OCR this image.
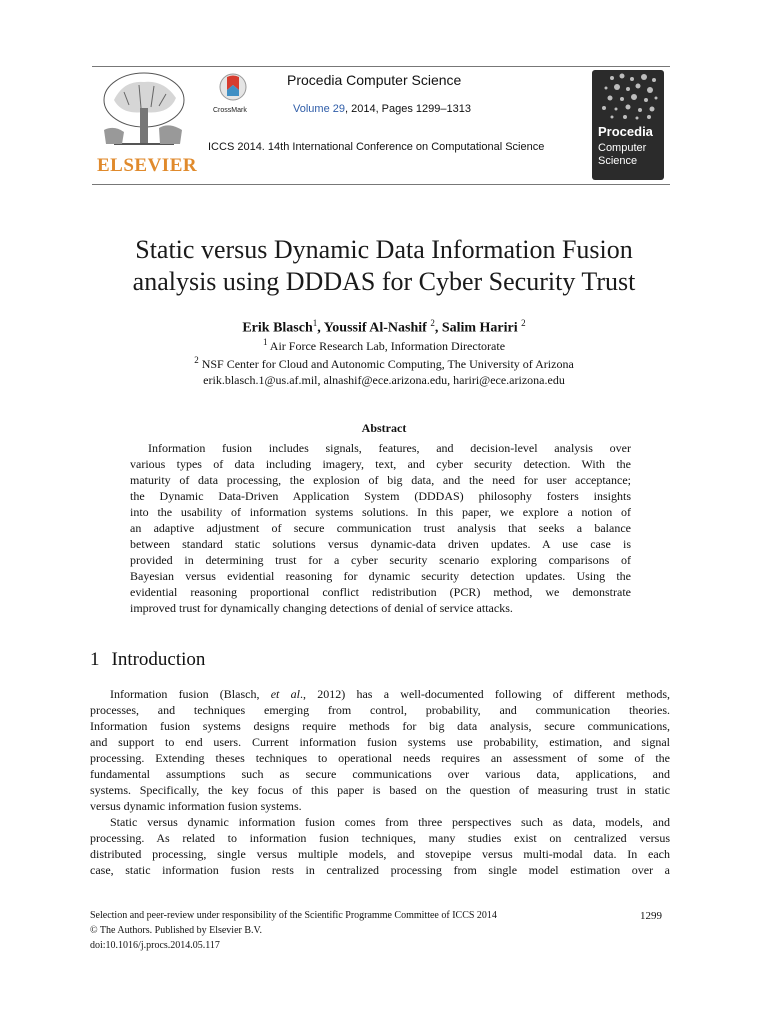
ELSEVIER
CrossMark
Procedia Computer Science
Volume 29, 2014, Pages 1299–1313
ICCS 2014. 14th International Conference on Computational Science
Procedia
Computer
Science
Static versus Dynamic Data Information Fusion
analysis using DDDAS for Cyber Security Trust
Erik Blasch$^1$, Youssif Al-Nashif $^2$, Salim Hariri $^2$
$^1$ Air Force Research Lab, Information Directorate
$^2$ NSF Center for Cloud and Autonomic Computing, The University of Arizona
erik.blasch.1@us.af.mil, alnashif@ece.arizona.edu, hariri@ece.arizona.edu
Abstract
Information fusion includes signals, features, and decision-level analysis over
various types of data including imagery, text, and cyber security detection. With the
maturity of data processing, the explosion of big data, and the need for user acceptance;
the Dynamic Data-Driven Application System (DDDAS) philosophy fosters insights
into the usability of information systems solutions. In this paper, we explore a notion of
an adaptive adjustment of secure communication trust analysis that seeks a balance
between standard static solutions versus dynamic-data driven updates. A use case is
provided in determining trust for a cyber security scenario exploring comparisons of
Bayesian versus evidential reasoning for dynamic security detection updates. Using the
evidential reasoning proportional conflict redistribution (PCR) method, we demonstrate
improved trust for dynamically changing detections of denial of service attacks.
1 Introduction
Information fusion (Blasch, et al., 2012) has a well-documented following of different methods,
processes, and techniques emerging from control, probability, and communication theories.
Information fusion systems designs require methods for big data analysis, secure communications,
and support to end users. Current information fusion systems use probability, estimation, and signal
processing. Extending theses techniques to operational needs requires an assessment of some of the
fundamental assumptions such as secure communications over various data, applications, and
systems. Specifically, the key focus of this paper is based on the question of measuring trust in static
versus dynamic information fusion systems.
Static versus dynamic information fusion comes from three perspectives such as data, models, and
processing. As related to information fusion techniques, many studies exist on centralized versus
distributed processing, single versus multiple models, and stovepipe versus multi-modal data. In each
case, static information fusion rests in centralized processing from single model estimation over a
Selection and peer-review under responsibility of the Scientific Programme Committee of ICCS 2014
© The Authors. Published by Elsevier B.V.
doi:10.1016/j.procs.2014.05.117
1299
